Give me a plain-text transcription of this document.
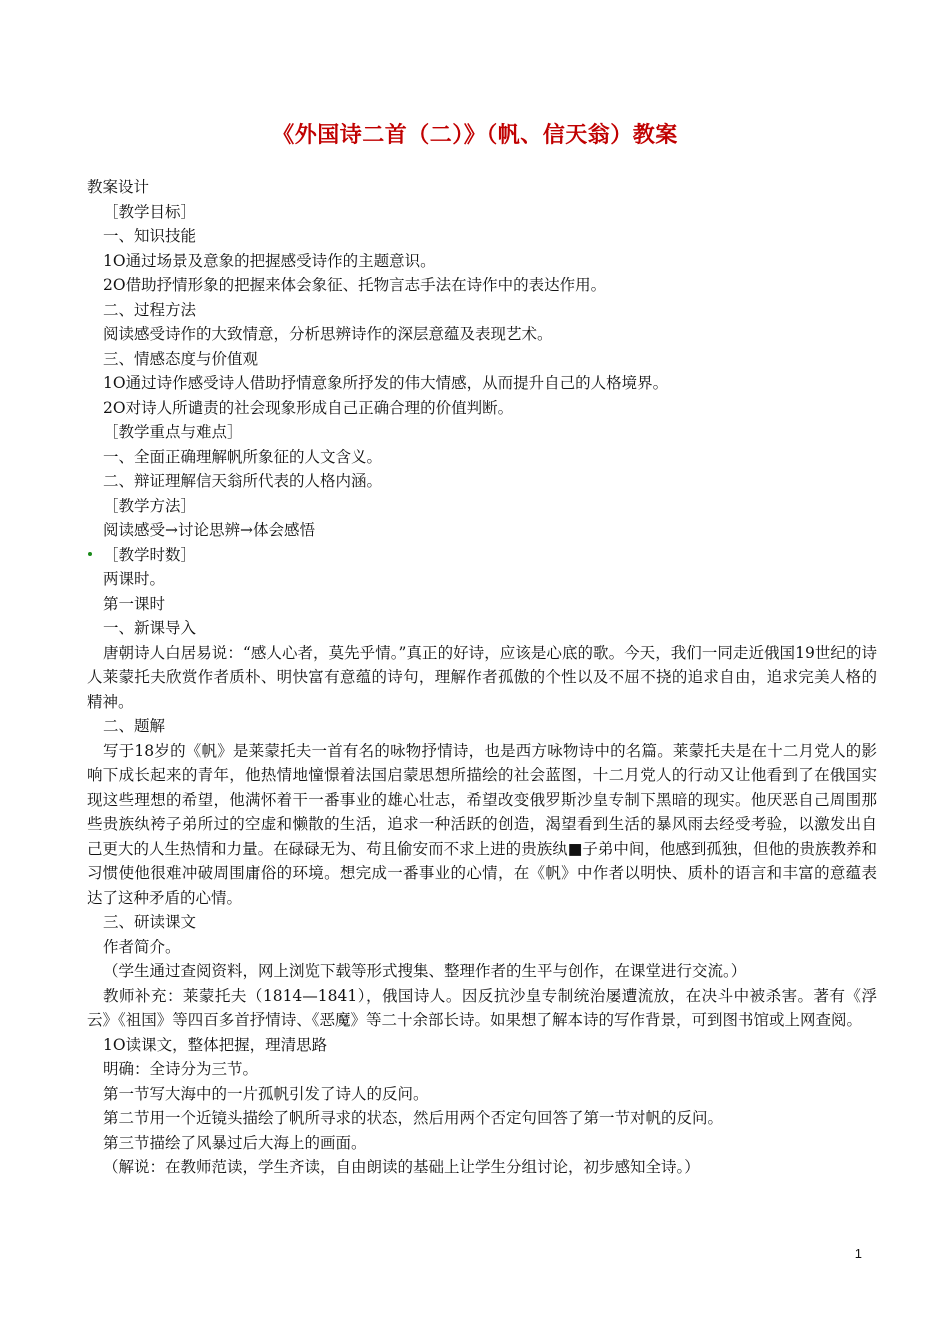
《外国诗二首（二）》（帆、信天翁）教案

教案设计

［教学目标］

一、知识技能

1O通过场景及意象的把握感受诗作的主题意识。

2O借助抒情形象的把握来体会象征、托物言志手法在诗作中的表达作用。

二、过程方法

阅读感受诗作的大致情意，分析思辨诗作的深层意蕴及表现艺术。

三、情感态度与价值观

1O通过诗作感受诗人借助抒情意象所抒发的伟大情感，从而提升自己的人格境界。

2O对诗人所谴责的社会现象形成自己正确合理的价值判断。

［教学重点与难点］

一、全面正确理解帆所象征的人文含义。

二、辩证理解信天翁所代表的人格内涵。

［教学方法］

阅读感受→讨论思辨→体会感悟

［教学时数］

两课时。

第一课时

一、新课导入

唐朝诗人白居易说：“感人心者，莫先乎情。”真正的好诗，应该是心底的歌。今天，我们一同走近俄国19世纪的诗人莱蒙托夫欣赏作者质朴、明快富有意蕴的诗句，理解作者孤傲的个性以及不屈不挠的追求自由，追求完美人格的精神。

二、题解

写于18岁的《帆》是莱蒙托夫一首有名的咏物抒情诗，也是西方咏物诗中的名篇。莱蒙托夫是在十二月党人的影响下成长起来的青年，他热情地憧憬着法国启蒙思想所描绘的社会蓝图，十二月党人的行动又让他看到了在俄国实现这些理想的希望，他满怀着干一番事业的雄心壮志，希望改变俄罗斯沙皇专制下黑暗的现实。他厌恶自己周围那些贵族纨袴子弟所过的空虚和懒散的生活，追求一种活跃的创造，渴望看到生活的暴风雨去经受考验，以激发出自己更大的人生热情和力量。在碌碌无为、苟且偷安而不求上进的贵族纨■子弟中间，他感到孤独，但他的贵族教养和习惯使他很难冲破周围庸俗的环境。想完成一番事业的心情，在《帆》中作者以明快、质朴的语言和丰富的意蕴表达了这种矛盾的心情。

三、研读课文

作者简介。

（学生通过查阅资料，网上浏览下载等形式搜集、整理作者的生平与创作，在课堂进行交流。）

教师补充：莱蒙托夫（1814—1841），俄国诗人。因反抗沙皇专制统治屡遭流放，在决斗中被杀害。著有《浮云》《祖国》等四百多首抒情诗、《恶魔》等二十余部长诗。如果想了解本诗的写作背景，可到图书馆或上网查阅。

1O读课文，整体把握，理清思路

明确：全诗分为三节。

第一节写大海中的一片孤帆引发了诗人的反问。

第二节用一个近镜头描绘了帆所寻求的状态，然后用两个否定句回答了第一节对帆的反问。

第三节描绘了风暴过后大海上的画面。

（解说：在教师范读，学生齐读，自由朗读的基础上让学生分组讨论，初步感知全诗。）

1
